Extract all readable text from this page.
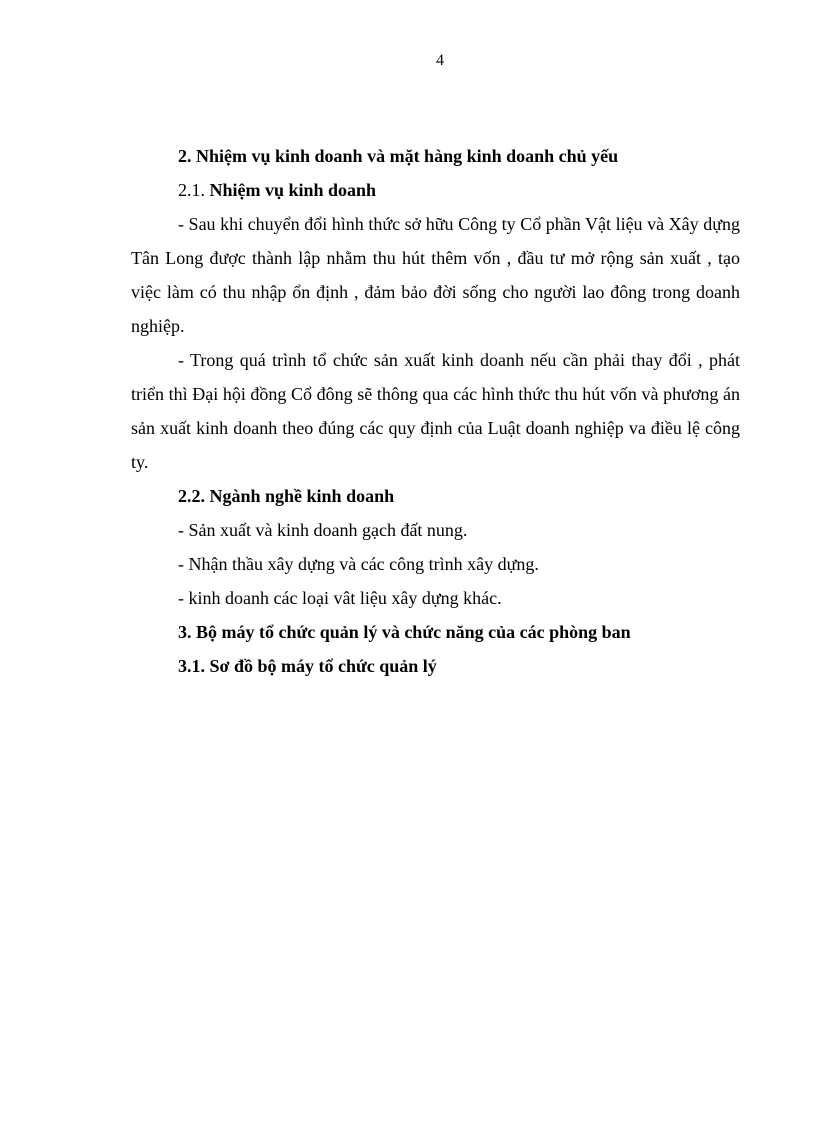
4

2. Nhiệm vụ kinh doanh và mặt hàng kinh doanh chủ yếu

2.1. Nhiệm vụ kinh doanh

- Sau khi chuyển đổi hình thức sở hữu Công ty Cổ phần Vật liệu và Xây dựng Tân Long được thành lập nhằm thu hút thêm vốn , đầu tư mở rộng sản xuất , tạo việc làm có thu nhập ổn định , đảm bảo đời sống cho người lao đông trong doanh nghiệp.

- Trong quá trình tổ chức sản xuất kinh doanh nếu cần phải thay đổi , phát triển thì Đại hội đồng Cổ đông sẽ thông qua các hình thức thu hút vốn và phương án sản xuất kinh doanh theo đúng các quy định của Luật doanh nghiệp va điều lệ công ty.

2.2. Ngành nghề kinh doanh

- Sản xuất và kinh doanh gạch đất nung.

- Nhận thầu xây dựng và các công trình xây dựng.

- kinh doanh các loại vât liệu xây dựng khác.

3. Bộ máy tổ chức quản lý và chức năng của các phòng ban

3.1. Sơ đồ bộ máy tổ chức quản lý
